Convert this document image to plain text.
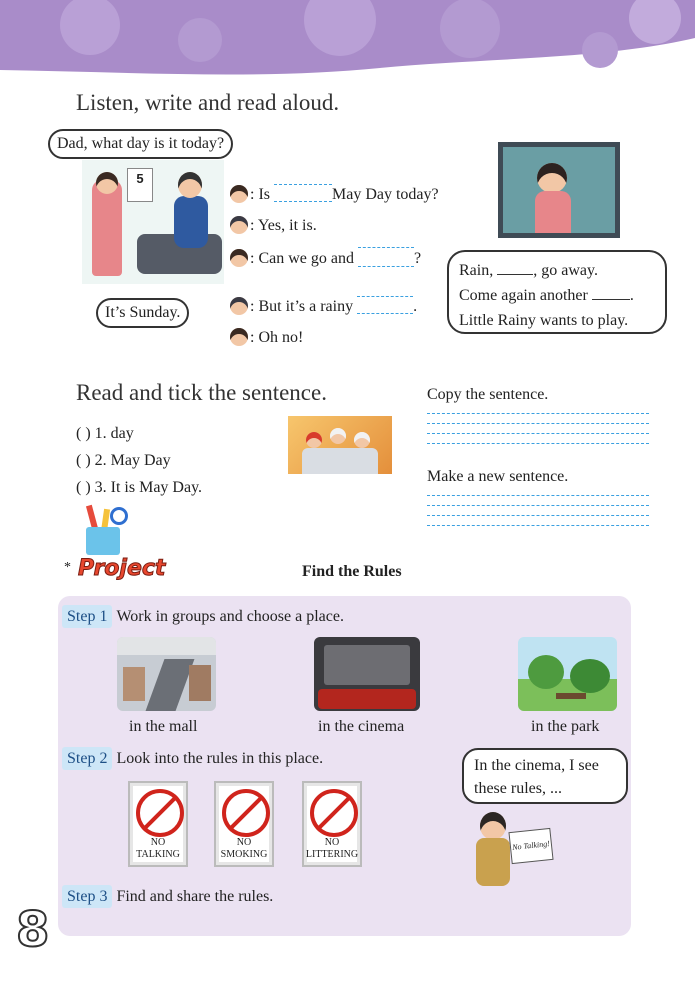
Listen, write and read aloud.
Dad, what day is it today?
5
It’s Sunday.
: Is	May Day today?
: Yes, it is.
: Can we go and	?
: But it’s a rainy	.
: Oh no!
Rain, , go away.
Come again another .
Little Rainy wants to play.
Read and tick the sentence.
( ) 1. day
( ) 2. May Day
( ) 3. It is May Day.
Copy the sentence.
Make a new sentence.
* Project	Find the Rules
Step 1 Work in groups and choose a place.
in the mall	in the cinema	in the park
Step 2 Look into the rules in this place.
NO
TALKING
NO
SMOKING
NO
LITTERING
In the cinema, I see these rules, ...
No Talking!
Step 3 Find and share the rules.
8
